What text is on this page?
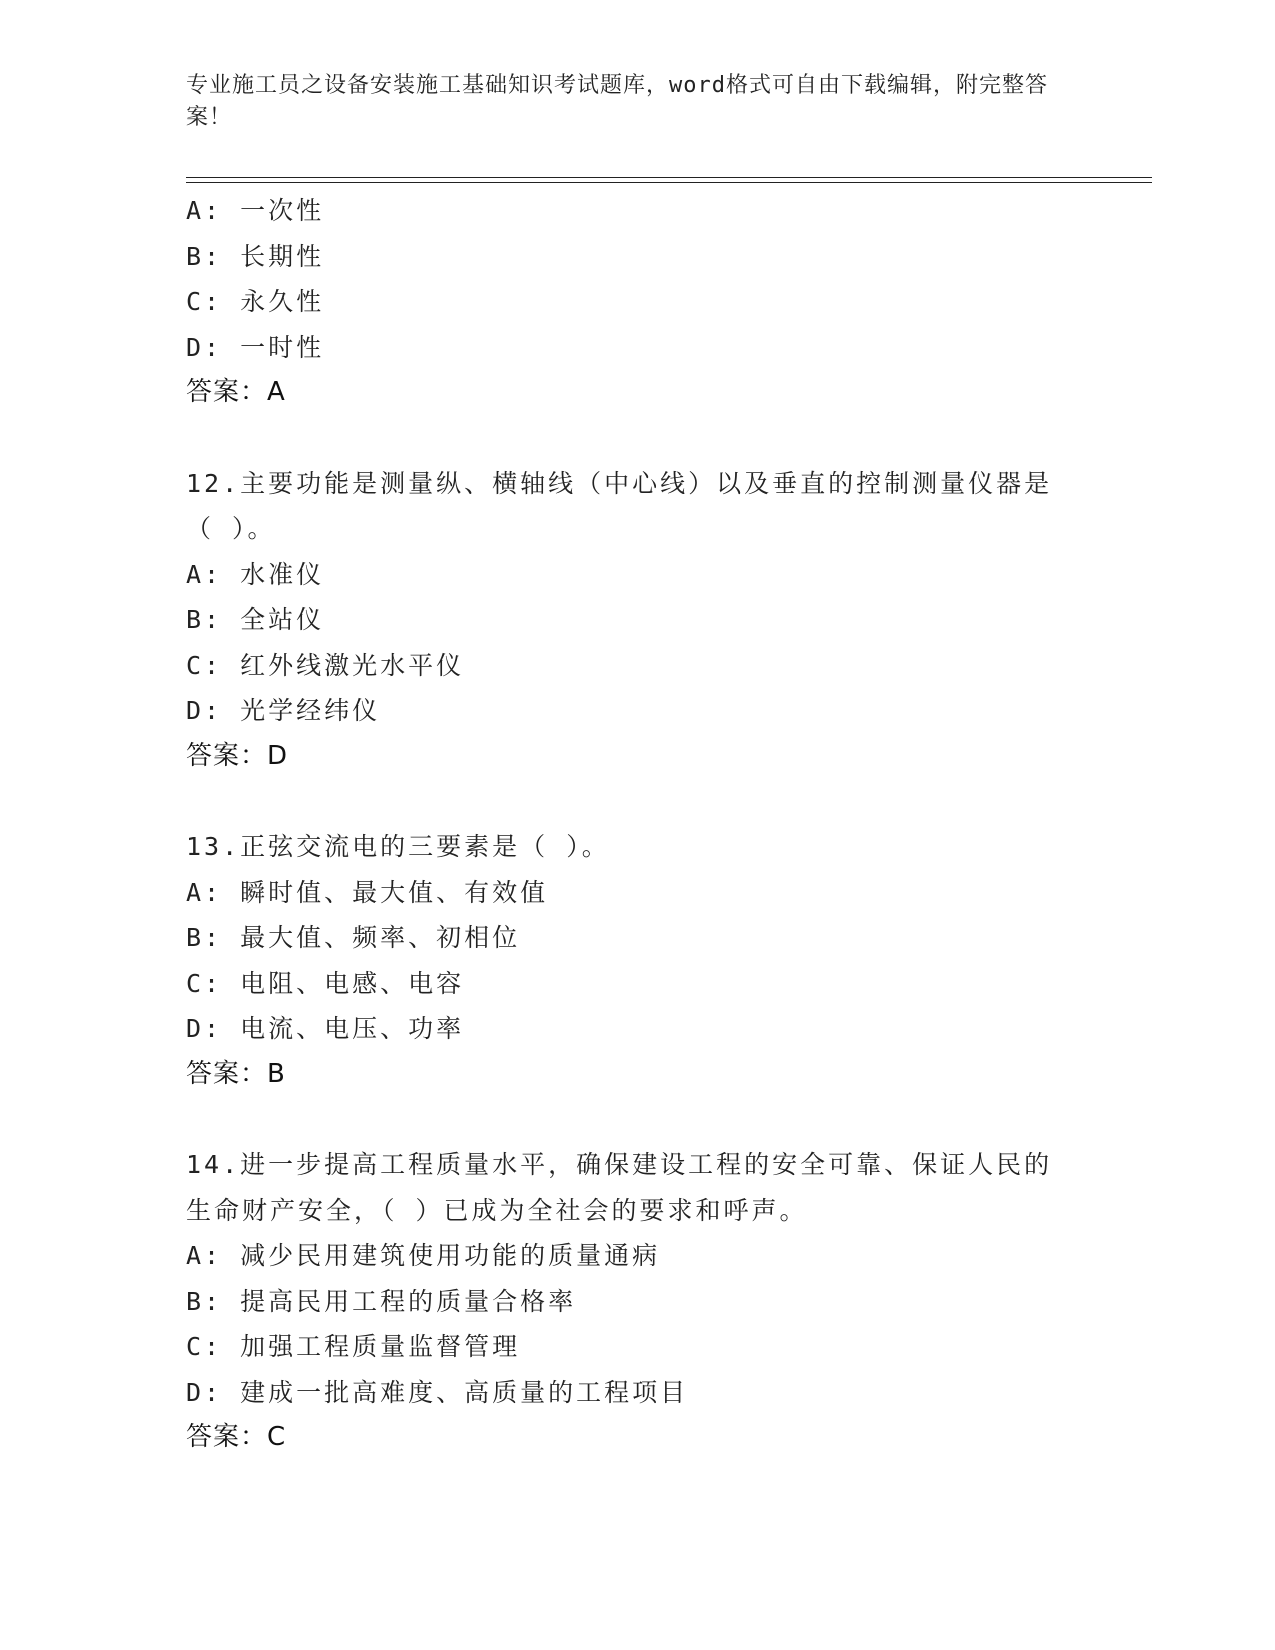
专业施工员之设备安装施工基础知识考试题库，word格式可自由下载编辑，附完整答案！
A: 一次性
B: 长期性
C: 永久性
D: 一时性
答案：A
12.主要功能是测量纵、横轴线（中心线）以及垂直的控制测量仪器是
（ ）。
A: 水准仪
B: 全站仪
C: 红外线激光水平仪
D: 光学经纬仪
答案：D
13.正弦交流电的三要素是（ ）。
A: 瞬时值、最大值、有效值
B: 最大值、频率、初相位
C: 电阻、电感、电容
D: 电流、电压、功率
答案：B
14.进一步提高工程质量水平，确保建设工程的安全可靠、保证人民的
生命财产安全，（ ）已成为全社会的要求和呼声。
A: 减少民用建筑使用功能的质量通病
B: 提高民用工程的质量合格率
C: 加强工程质量监督管理
D: 建成一批高难度、高质量的工程项目
答案：C
